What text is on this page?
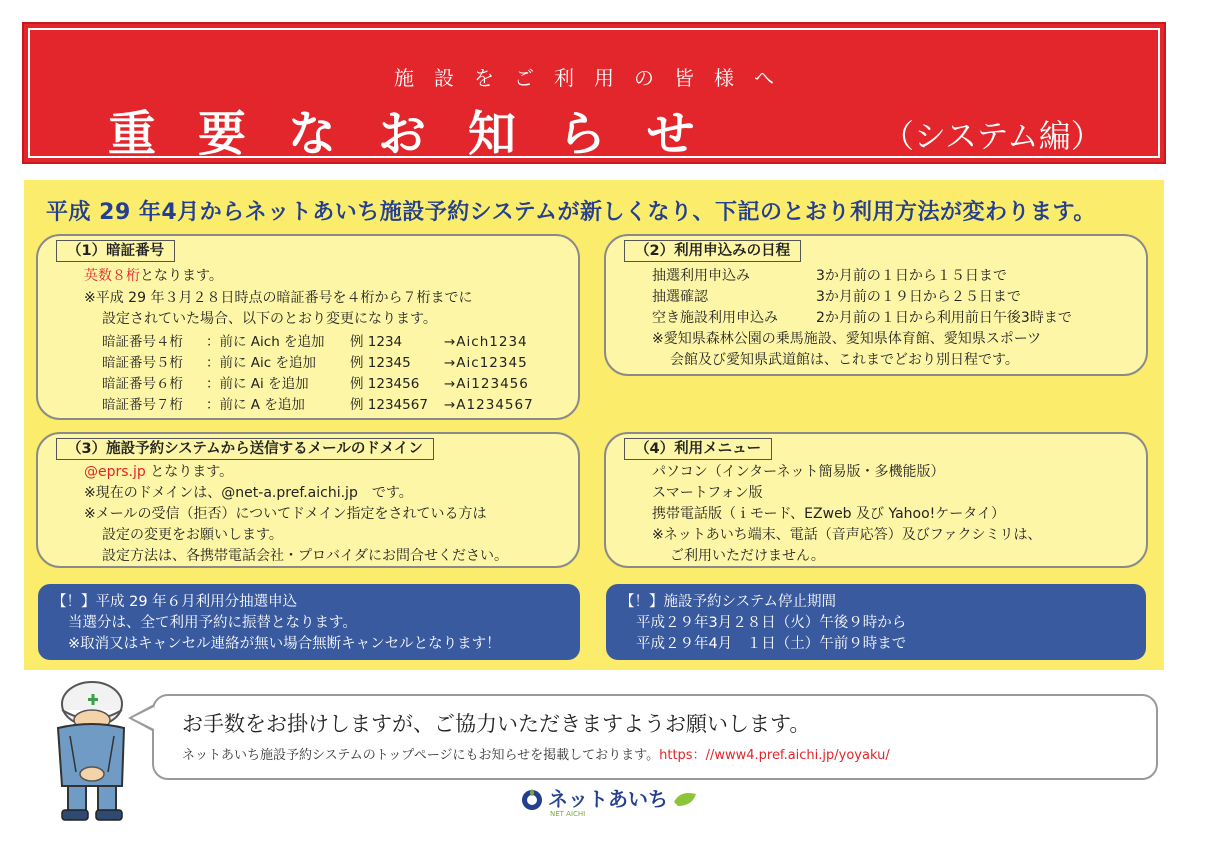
施設をご利用の皆様へ
重要なお知らせ	（システム編）
平成 29 年4月からネットあいち施設予約システムが新しくなり、下記のとおり利用方法が変わります。
（1）暗証番号
英数８桁となります。
※平成 29 年３月２８日時点の暗証番号を４桁から７桁までに
設定されていた場合、以下のとおり変更になります。
暗証番号４桁 ：前に Aich を追加 例 1234	→Aich1234
暗証番号５桁 ：前に Aic を追加	例 12345 →Aic12345
暗証番号６桁 ：前に Ai を追加	例 123456 →Ai123456
暗証番号７桁 ：前に A を追加	例 1234567 →A1234567
（2）利用申込みの日程
抽選利用申込み	3か月前の１日から１５日まで
抽選確認	3か月前の１９日から２５日まで
空き施設利用申込み	2か月前の１日から利用前日午後3時まで
※愛知県森林公園の乗馬施設、愛知県体育館、愛知県スポーツ
会館及び愛知県武道館は、これまでどおり別日程です。
（3）施設予約システムから送信するメールのドメイン
@eprs.jp となります。
※現在のドメインは、@net-a.pref.aichi.jp　です。
※メールの受信（拒否）についてドメイン指定をされている方は
設定の変更をお願いします。
設定方法は、各携帯電話会社・プロバイダにお問合せください。
（4）利用メニュー
パソコン（インターネット簡易版・多機能版）
スマートフォン版
携帯電話版（ｉモード、EZweb 及び Yahoo!ケータイ）
※ネットあいち端末、電話（音声応答）及びファクシミリは、
ご利用いただけません。
【！】平成 29 年６月利用分抽選申込
当選分は、全て利用予約に振替となります。
※取消又はキャンセル連絡が無い場合無断キャンセルとなります！
【！】施設予約システム停止期間
平成２９年3月２８日（火）午後９時から
平成２９年4月　１日（土）午前９時まで
お手数をお掛けしますが、ご協力いただきますようお願いします。
ネットあいち施設予約システムのトップページにもお知らせを掲載しております。https：//www4.pref.aichi.jp/yoyaku/
ネットあいち
NET AICHI
